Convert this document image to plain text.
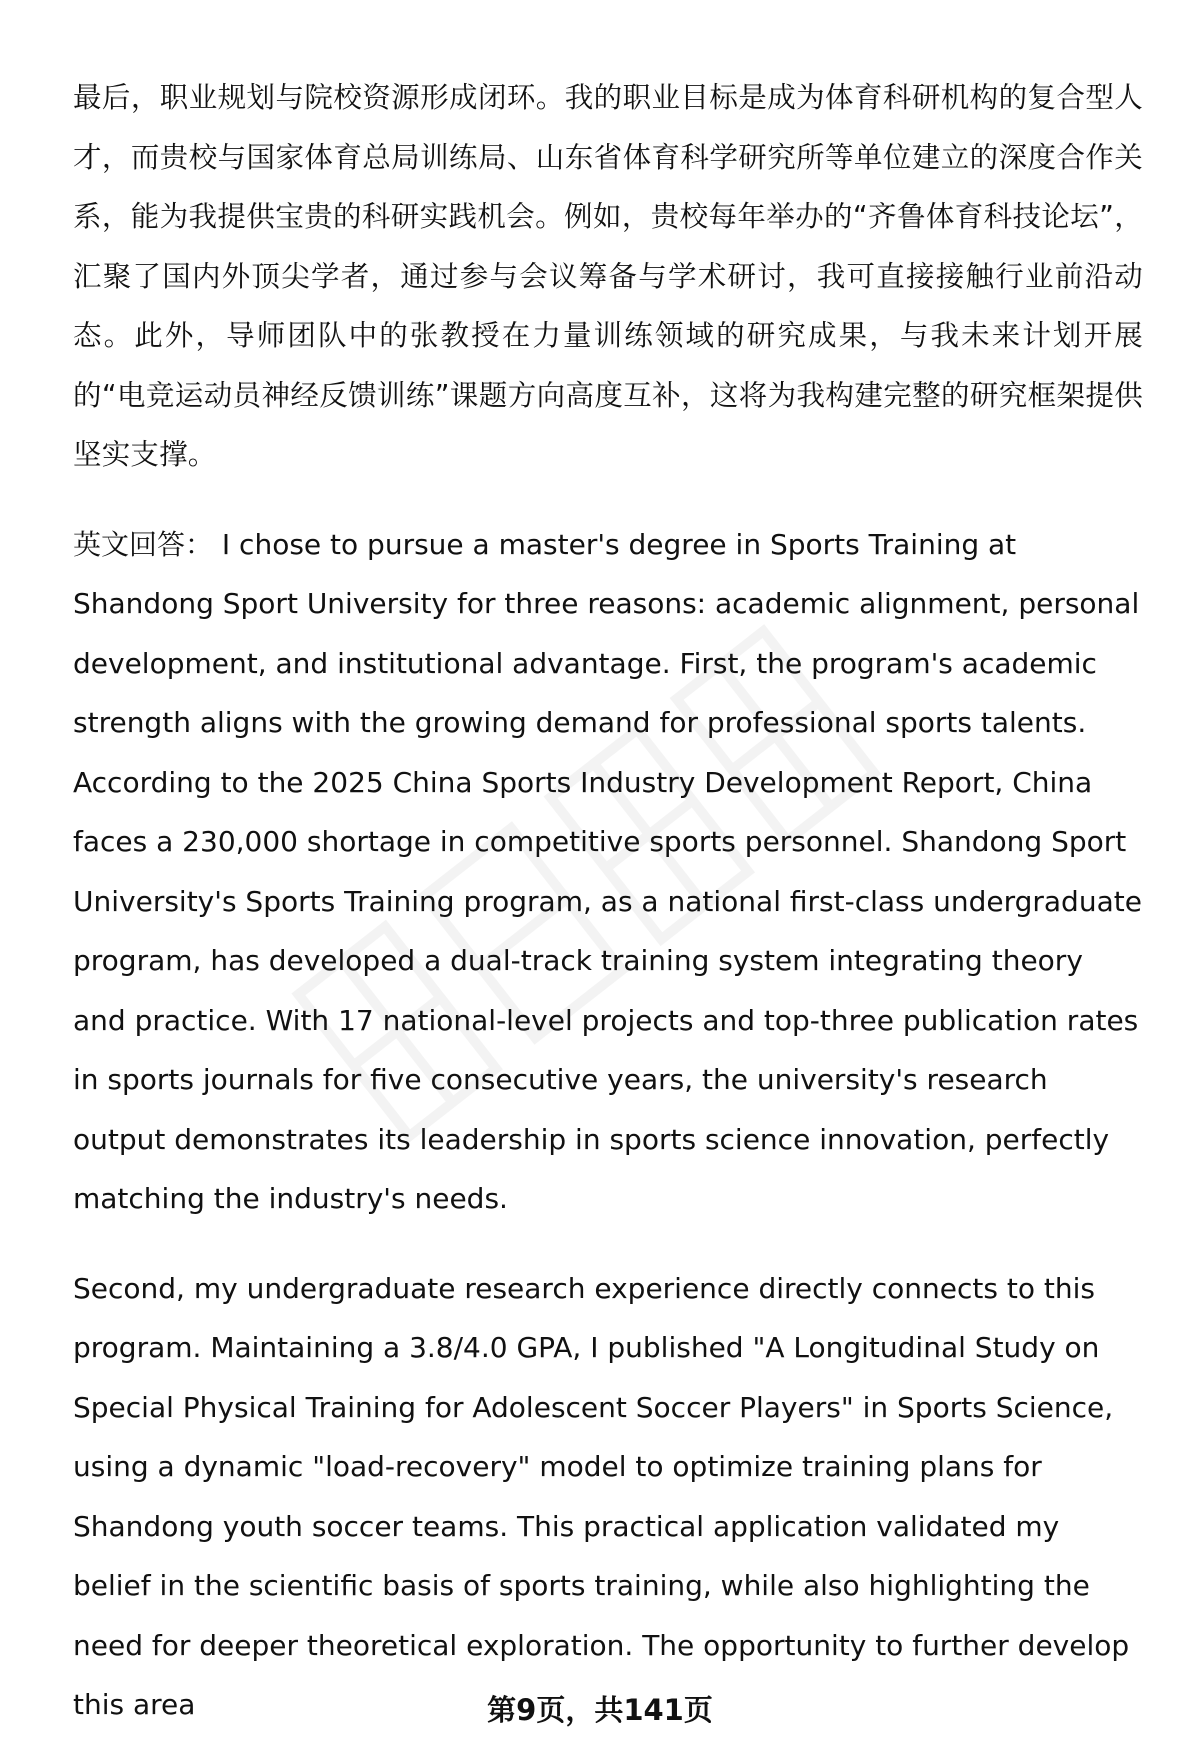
最后，职业规划与院校资源形成闭环。我的职业目标是成为体育科研机构的复合型人才，而贵校与国家体育总局训练局、山东省体育科学研究所等单位建立的深度合作关系，能为我提供宝贵的科研实践机会。例如，贵校每年举办的“齐鲁体育科技论坛”，汇聚了国内外顶尖学者，通过参与会议筹备与学术研讨，我可直接接触行业前沿动态。此外，导师团队中的张教授在力量训练领域的研究成果，与我未来计划开展的“电竞运动员神经反馈训练”课题方向高度互补，这将为我构建完整的研究框架提供坚实支撑。

英文回答： I chose to pursue a master's degree in Sports Training at Shandong Sport University for three reasons: academic alignment, personal development, and institutional advantage. First, the program's academic strength aligns with the growing demand for professional sports talents. According to the 2025 China Sports Industry Development Report, China faces a 230,000 shortage in competitive sports personnel. Shandong Sport University's Sports Training program, as a national first-class undergraduate program, has developed a dual-track training system integrating theory and practice. With 17 national-level projects and top-three publication rates in sports journals for five consecutive years, the university's research output demonstrates its leadership in sports science innovation, perfectly matching the industry's needs.

Second, my undergraduate research experience directly connects to this program. Maintaining a 3.8/4.0 GPA, I published "A Longitudinal Study on Special Physical Training for Adolescent Soccer Players" in Sports Science, using a dynamic "load-recovery" model to optimize training plans for Shandong youth soccer teams. This practical application validated my belief in the scientific basis of sports training, while also highlighting the need for deeper theoretical exploration. The opportunity to further develop this area	第9页，共141页
